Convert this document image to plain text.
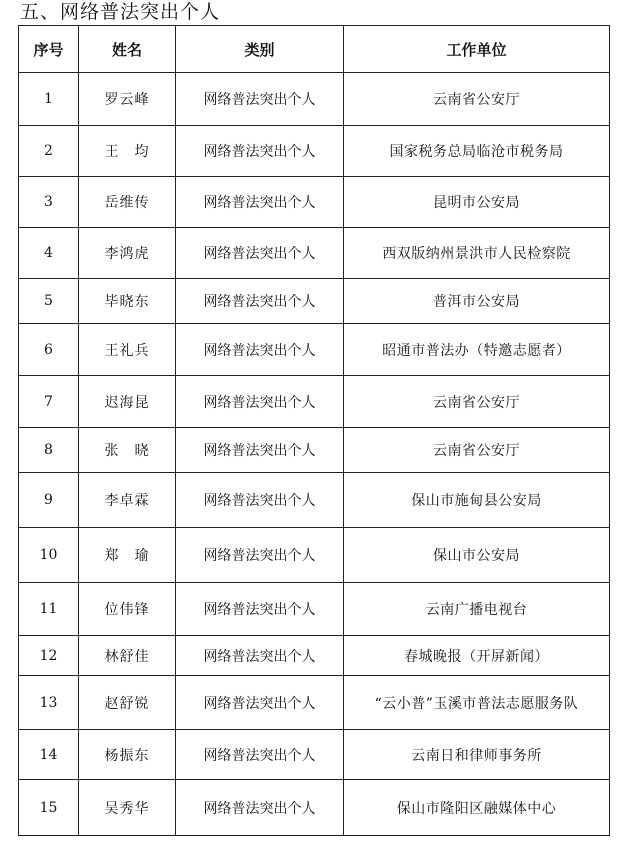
五、网络普法突出个人
序号	姓名	类别	工作单位
1	罗云峰	网络普法突出个人	云南省公安厅
2	王　均	网络普法突出个人	国家税务总局临沧市税务局
3	岳维传	网络普法突出个人	昆明市公安局
4	李鸿虎	网络普法突出个人	西双版纳州景洪市人民检察院
5	毕晓东	网络普法突出个人	普洱市公安局
6	王礼兵	网络普法突出个人	昭通市普法办（特邀志愿者）
7	迟海昆	网络普法突出个人	云南省公安厅
8	张　晓	网络普法突出个人	云南省公安厅
9	李卓霖	网络普法突出个人	保山市施甸县公安局
10	郑　瑜	网络普法突出个人	保山市公安局
11	位伟锋	网络普法突出个人	云南广播电视台
12	林舒佳	网络普法突出个人	春城晚报（开屏新闻）
13	赵舒锐	网络普法突出个人	“云小普”玉溪市普法志愿服务队
14	杨振东	网络普法突出个人	云南日和律师事务所
15	吴秀华	网络普法突出个人	保山市隆阳区融媒体中心
